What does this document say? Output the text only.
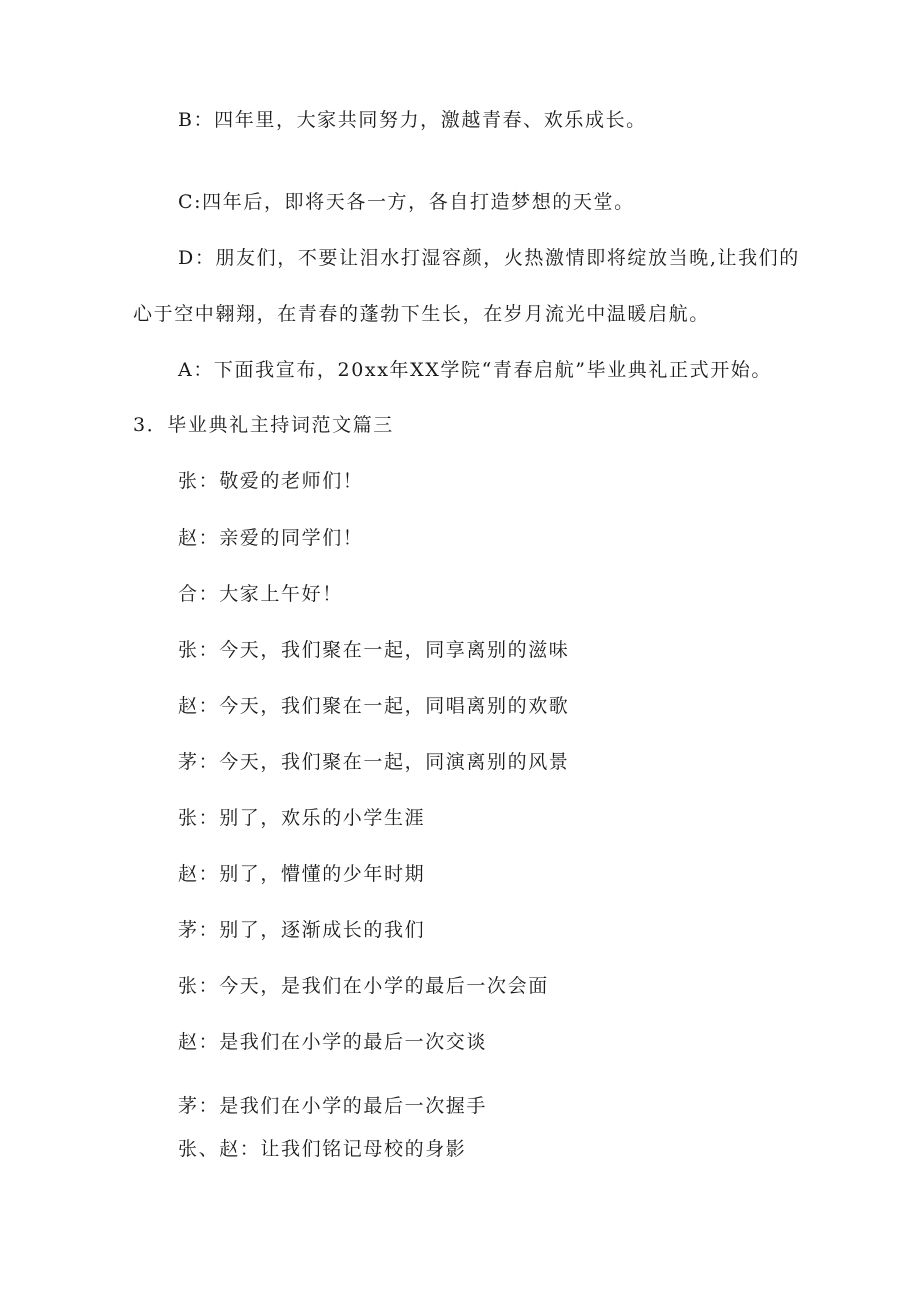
B：四年里，大家共同努力，激越青春、欢乐成长。
C:四年后，即将天各一方，各自打造梦想的天堂。
D：朋友们，不要让泪水打湿容颜，火热激情即将绽放当晚,让我们的
心于空中翱翔，在青春的蓬勃下生长，在岁月流光中温暖启航。
A：下面我宣布，20xx年XX学院“青春启航”毕业典礼正式开始。
3．毕业典礼主持词范文篇三
张：敬爱的老师们！
赵：亲爱的同学们！
合：大家上午好！
张：今天，我们聚在一起，同享离别的滋味
赵：今天，我们聚在一起，同唱离别的欢歌
茅：今天，我们聚在一起，同演离别的风景
张：别了，欢乐的小学生涯
赵：别了，懵懂的少年时期
茅：别了，逐渐成长的我们
张：今天，是我们在小学的最后一次会面
赵：是我们在小学的最后一次交谈
茅：是我们在小学的最后一次握手
张、赵：让我们铭记母校的身影
